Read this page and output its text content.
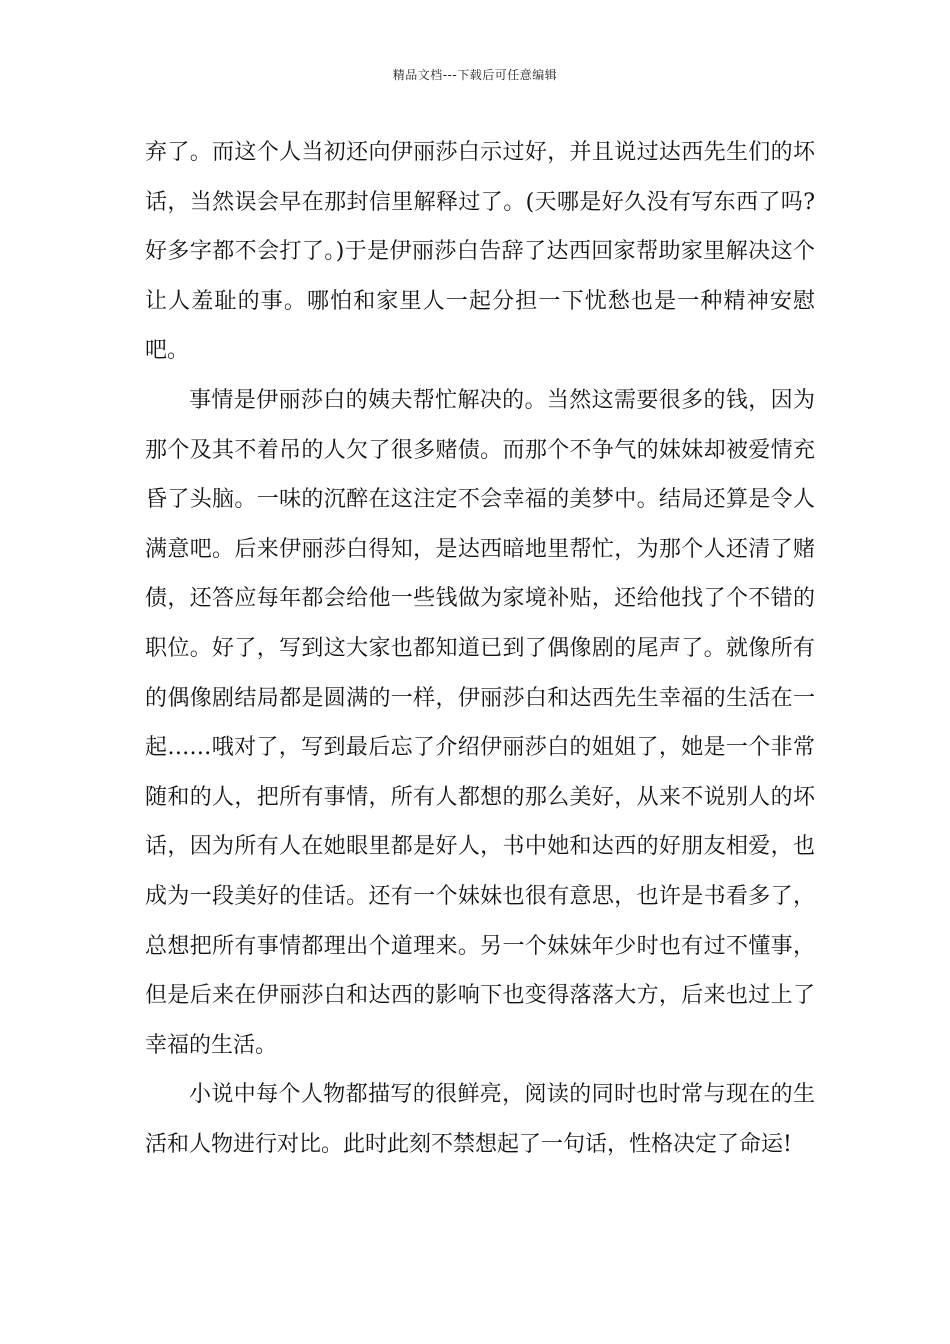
精品文档---下载后可任意编辑

弃了。而这个人当初还向伊丽莎白示过好，并且说过达西先生们的坏话，当然误会早在那封信里解释过了。(天哪是好久没有写东西了吗?好多字都不会打了。)于是伊丽莎白告辞了达西回家帮助家里解决这个让人羞耻的事。哪怕和家里人一起分担一下忧愁也是一种精神安慰吧。

事情是伊丽莎白的姨夫帮忙解决的。当然这需要很多的钱，因为那个及其不着吊的人欠了很多赌债。而那个不争气的妹妹却被爱情充昏了头脑。一味的沉醉在这注定不会幸福的美梦中。结局还算是令人满意吧。后来伊丽莎白得知，是达西暗地里帮忙，为那个人还清了赌债，还答应每年都会给他一些钱做为家境补贴，还给他找了个不错的职位。好了，写到这大家也都知道已到了偶像剧的尾声了。就像所有的偶像剧结局都是圆满的一样，伊丽莎白和达西先生幸福的生活在一起……哦对了，写到最后忘了介绍伊丽莎白的姐姐了，她是一个非常随和的人，把所有事情，所有人都想的那么美好，从来不说别人的坏话，因为所有人在她眼里都是好人，书中她和达西的好朋友相爱，也成为一段美好的佳话。还有一个妹妹也很有意思，也许是书看多了，总想把所有事情都理出个道理来。另一个妹妹年少时也有过不懂事，但是后来在伊丽莎白和达西的影响下也变得落落大方，后来也过上了幸福的生活。

小说中每个人物都描写的很鲜亮，阅读的同时也时常与现在的生活和人物进行对比。此时此刻不禁想起了一句话，性格决定了命运!
